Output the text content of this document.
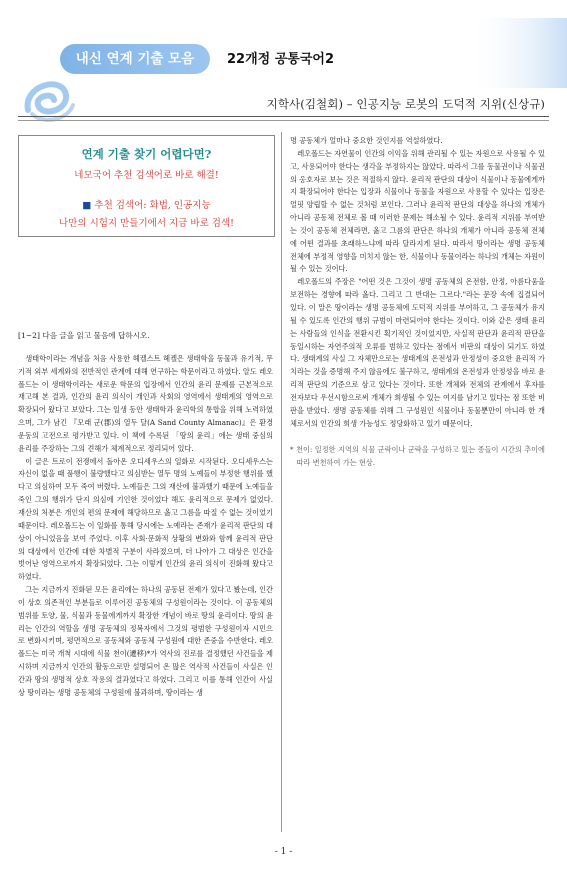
내신 연계 기출 모음	22개정 공통국어2
지학사(김철회) – 인공지능 로봇의 도덕적 지위(신상규)
연계 기출 찾기 어렵다면?
네모국어 추천 검색어로 바로 해결!
■ 추천 검색어: 화법, 인공지능
나만의 시험지 만들기에서 지금 바로 검색!

[1~2] 다음 글을 읽고 물음에 답하시오.

생태학이라는 개념을 처음 사용한 헤켈스트 헤켈은 생태학을 동물과 유기적, 무기적 외부 세계와의 전반적인 관계에 대해 연구하는 학문이라고 하였다. 알도 레오폴드는 이 생태학이라는 새로운 학문의 입장에서 인간의 윤리 문제를 근본적으로 재고해 본 결과, 인간의 윤리 의식이 개인과 사회의 영역에서 생태계의 영역으로 확장되어 왔다고 보았다. 그는 일생 동안 생태학과 윤리학의 통합을 위해 노력하였으며, 그가 남긴 『모래 군(郡)의 열두 달(A Sand County Almanac)』은 환경 운동의 고전으로 평가받고 있다. 이 책에 수록된 「땅의 윤리」에는 생태 중심의 윤리를 주장하는 그의 견해가 체계적으로 정리되어 있다.

이 글은 트로이 전쟁에서 돌아온 오디세우스의 일화로 시작된다. 오디세우스는 자신이 없을 때 품행이 불량했다고 의심받는 열두 명의 노예들이 부정한 행위를 했다고 의심하여 모두 죽여 버렸다. 노예들은 그의 재산에 불과했기 때문에 노예들을 죽인 그의 행위가 단지 의심에 기인한 것이었다 해도 윤리적으로 문제가 없었다. 재산의 처분은 개인의 편의 문제에 해당하므로 옳고 그름을 따질 수 없는 것이었기 때문이다. 레오폴드는 이 일화를 통해 당시에는 노예라는 존재가 윤리적 판단의 대상이 아니었음을 보여 주었다. 이후 사회·문화적 상황의 변화와 함께 윤리적 판단의 대상에서 인간에 대한 차별적 구분이 사라졌으며, 더 나아가 그 대상은 인간을 벗어난 영역으로까지 확장되었다. 그는 이렇게 인간의 윤리 의식이 진화해 왔다고 하였다.

그는 지금까지 진화된 모든 윤리에는 하나의 공동된 전제가 있다고 봤는데, 인간이 상호 의존적인 부분들로 이루어진 공동체의 구성원이라는 것이다. 이 공동체의 범위를 토양, 물, 식물과 동물에게까지 확장한 개념이 바로 땅의 윤리이다. 땅의 윤리는 인간의 역할을 생명 공동체의 정복자에서 그것의 평범한 구성원이자 시민으로 변화시키며, 평면적으로 공동체와 공동체 구성원에 대한 존중을 수반한다. 레오폴드는 미국 개척 시대에 식물 천이(遷移)*가 역사의 진로를 결정했던 사건들을 제시하며 지금까지 인간의 활동으로만 설명되어 온 많은 역사적 사건들이 사실은 인간과 땅의 생명적 상호 작용의 결과였다고 하였다. 그리고 이를 통해 인간이 사실상 땅이라는 생명 공동체의 구성원에 불과하며, 땅이라는 생

명 공동체가 얼마나 중요한 것인지를 역설하였다.

레오폴드는 자연물이 인간의 이익을 위해 관리될 수 있는 자원으로 사용될 수 있고, 사용되어야 한다는 생각을 부정하지는 않았다. 따라서 그를 동물권이나 식물권의 옹호자로 보는 것은 적절하지 않다. 윤리적 판단의 대상이 식물이나 동물에게까지 확장되어야 한다는 입장과 식물이나 동물을 자원으로 사용할 수 있다는 입장은 얼핏 양립할 수 없는 것처럼 보인다. 그러나 윤리적 판단의 대상을 하나의 개체가 아니라 공동체 전체로 볼 때 이러한 문제는 해소될 수 있다. 윤리적 지위를 부여받는 것이 공동체 전체라면, 옳고 그름의 판단은 하나의 개체가 아니라 공동체 전체에 어떤 결과를 초래하느냐에 따라 달라지게 된다. 따라서 땅이라는 생명 공동체 전체에 부정적 영향을 미치지 않는 한, 식물이나 동물이라는 하나의 개체는 자원이 될 수 있는 것이다.

레오폴드의 주장은 "어떤 것은 그것이 생명 공동체의 온전함, 안정, 아름다움을 보전하는 경향에 따라 옳다. 그리고 그 반대는 그르다."라는 문장 속에 집결되어 있다. 이 말은 땅이라는 생명 공동체에 도덕적 지위를 부여하고, 그 공동체가 유지될 수 있도록 인간의 행위 규범이 마련되어야 한다는 것이다. 이와 같은 생태 윤리는 사람들의 인식을 전환시킨 획기적인 것이었지만, 사실적 판단과 윤리적 판단을 동일시하는 자연주의적 오류를 범하고 있다는 점에서 비판의 대상이 되기도 하였다. 생태계의 사실 그 자체만으로는 생태계의 온전성과 안정성이 중요한 윤리적 가치라는 것을 증명해 주지 않음에도 불구하고, 생태계의 온전성과 안정성을 바로 윤리적 판단의 기준으로 삼고 있다는 것이다. 또한 개체와 전체의 관계에서 후자를 전자보다 우선시함으로써 개체가 희생될 수 있는 여지를 남기고 있다는 점 또한 비판을 받았다. 생명 공동체를 위해 그 구성원인 식물이나 동물뿐만이 아니라 한 개체로서의 인간의 희생 가능성도 정당화하고 있기 때문이다.

* 천이: 일정한 지역의 식물 군락이나 군락을 구성하고 있는 종들이 시간의 추이에 따라 변천하여 가는 현상.

- 1 -
